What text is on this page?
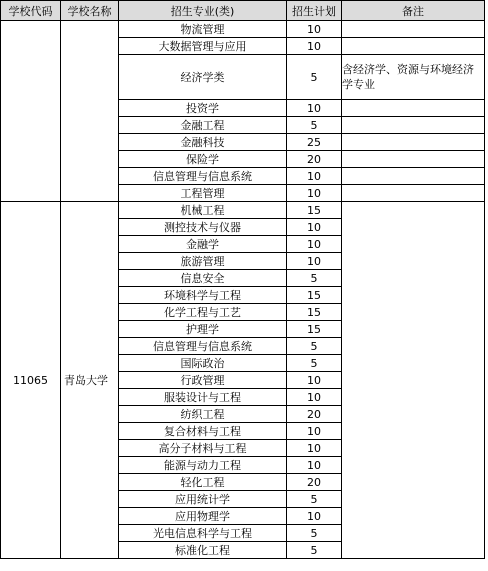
学校代码	学校名称	招生专业(类)	招生计划	备注
		物流管理	10	
		大数据管理与应用	10	
		经济学类	5	含经济学、资源与环境经济学专业
		投资学	10	
		金融工程	5	
		金融科技	25	
		保险学	20	
		信息管理与信息系统	10	
		工程管理	10	
11065	青岛大学	机械工程	15	
		测控技术与仪器	10	
		金融学	10	
		旅游管理	10	
		信息安全	5	
		环境科学与工程	15	
		化学工程与工艺	15	
		护理学	15	
		信息管理与信息系统	5	
		国际政治	5	
		行政管理	10	
		服装设计与工程	10	
		纺织工程	20	
		复合材料与工程	10	
		高分子材料与工程	10	
		能源与动力工程	10	
		轻化工程	20	
		应用统计学	5	
		应用物理学	10	
		光电信息科学与工程	5	
		标准化工程	5	
